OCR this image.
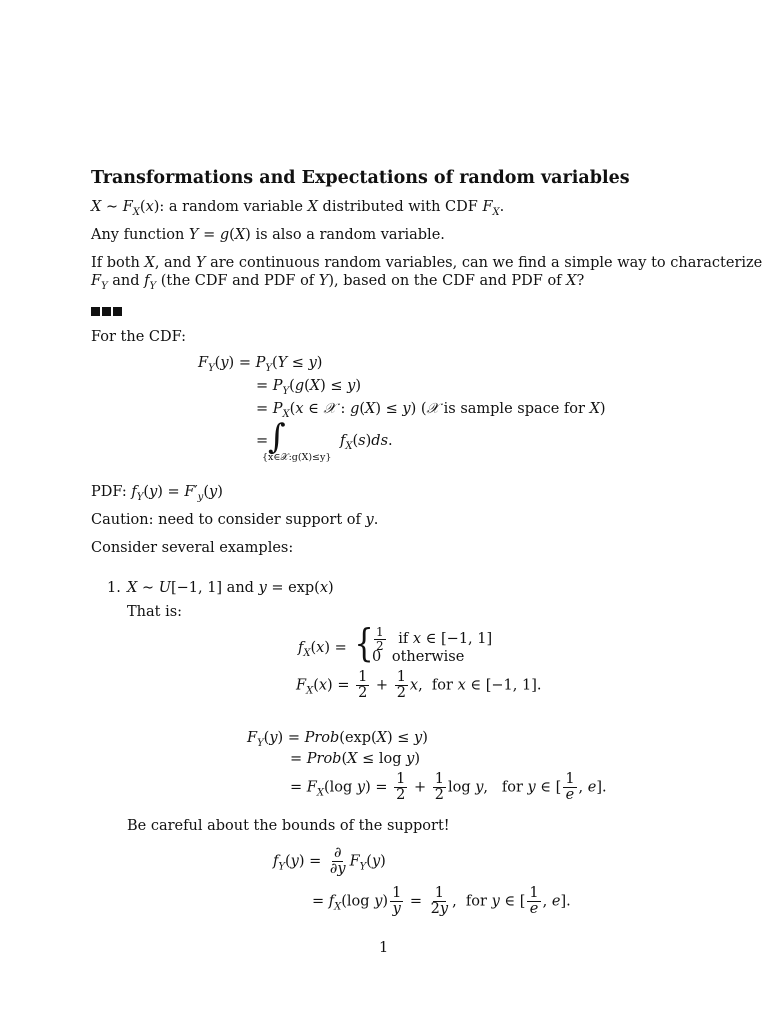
Transformations and Expectations of random variables
X ∼ $F_X(x)$: a random variable X distributed with CDF $F_X$.
Any function Y = g(X) is also a random variable.
If both X, and Y are continuous random variables, can we find a simple way to characterize
$F_Y$ and $f_Y$ (the CDF and PDF of Y), based on the CDF and PDF of X?
For the CDF:
$F_Y(y) = P_Y(Y \le y)$
= $P_Y(g(X) \le y)$
= $P_X(x$ ∈ 𝒳 : g(X) ≤ y) (𝒳 is sample space for X)
= ∫
{x∈𝒳:g(X)≤y}
$f_X(s)ds$.
PDF: $f_Y(y) = F'_y(y)$
Caution: need to consider support of y.
Consider several examples:
1. X ∼ U[−1, 1] and y = exp(x)
That is:
$f_X(x)$ = { $\frac{1}{2}$ if x ∈ [−1, 1]
0 otherwise
$F_X(x) = \frac{1}{2} + \frac{1}{2} x$,  for x ∈ [−1, 1].
$F_Y(y)$ = Prob(exp(X) ≤ y)
= Prob(X ≤ log y)
= $F_X(\log$ $y) = \frac{1}{2} + \frac{1}{2}$ log y,   for y ∈ [ $\frac{1}{e}$ , e].
Be careful about the bounds of the support!
$f_Y(y) = \frac{\partial}{\partial y} F_Y(y)$
= $f_X(\log$ $y) \frac{1}{y} = \frac{1}{2y}$ ,  for y ∈ [ $\frac{1}{e}$ , e].
1
